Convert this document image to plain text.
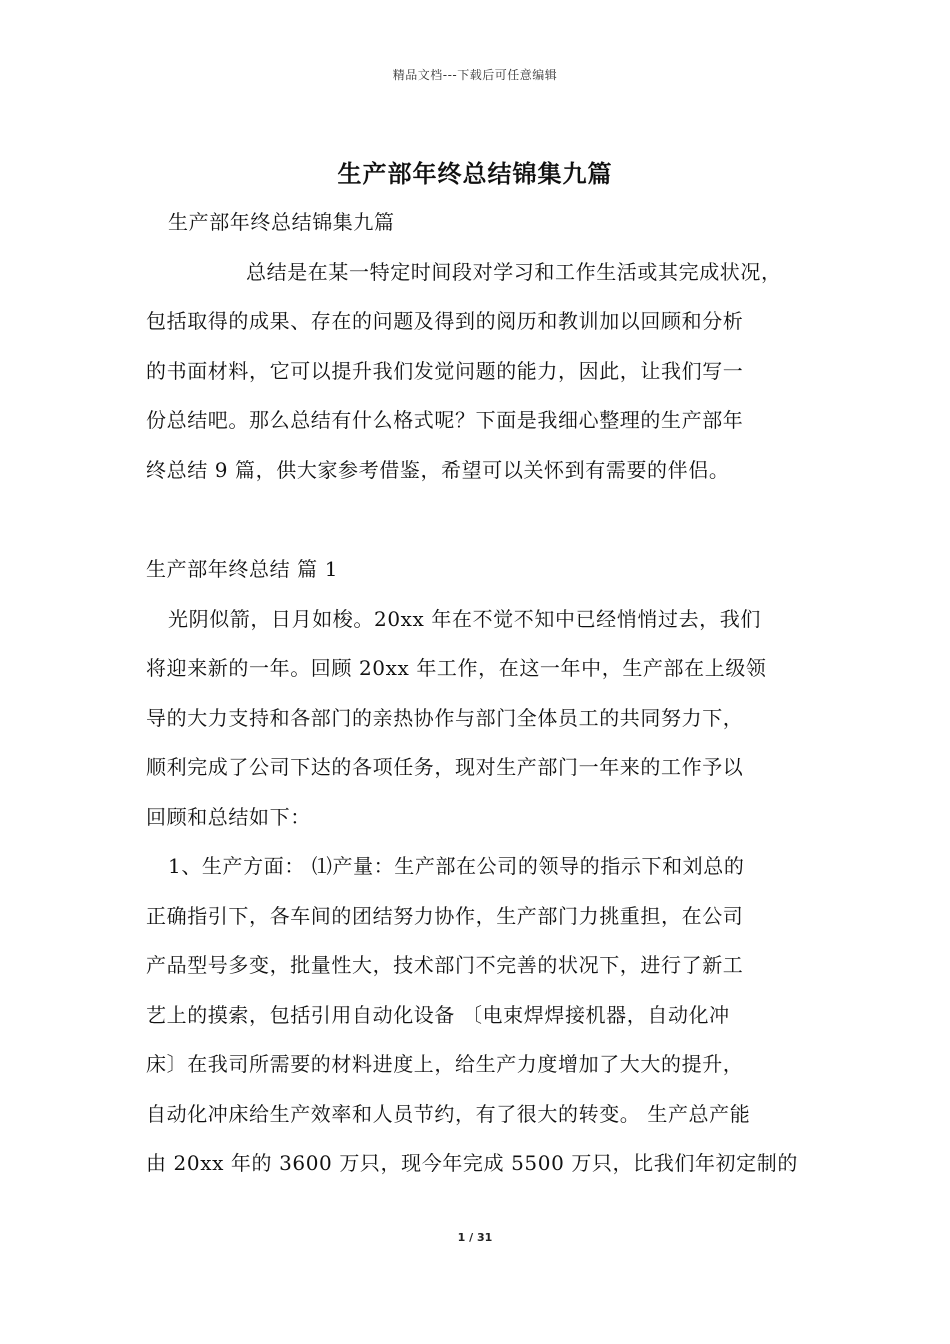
精品文档---下载后可任意编辑
生产部年终总结锦集九篇

生产部年终总结锦集九篇

总结是在某一特定时间段对学习和工作生活或其完成状况，

包括取得的成果、存在的问题及得到的阅历和教训加以回顾和分析

的书面材料，它可以提升我们发觉问题的能力，因此，让我们写一

份总结吧。那么总结有什么格式呢？下面是我细心整理的生产部年

终总结 9 篇，供大家参考借鉴，希望可以关怀到有需要的伴侣。

生产部年终总结 篇 1

光阴似箭，日月如梭。20xx 年在不觉不知中已经悄悄过去，我们

将迎来新的一年。回顾 20xx 年工作，在这一年中，生产部在上级领

导的大力支持和各部门的亲热协作与部门全体员工的共同努力下，

顺利完成了公司下达的各项任务，现对生产部门一年来的工作予以

回顾和总结如下：

1、生产方面： ⑴产量：生产部在公司的领导的指示下和刘总的

正确指引下，各车间的团结努力协作，生产部门力挑重担，在公司

产品型号多变，批量性大，技术部门不完善的状况下，进行了新工

艺上的摸索，包括引用自动化设备 〔电束焊焊接机器，自动化冲

床〕在我司所需要的材料进度上，给生产力度增加了大大的提升，

自动化冲床给生产效率和人员节约，有了很大的转变。 生产总产能

由 20xx 年的 3600 万只，现今年完成 5500 万只，比我们年初定制的

1 / 31
